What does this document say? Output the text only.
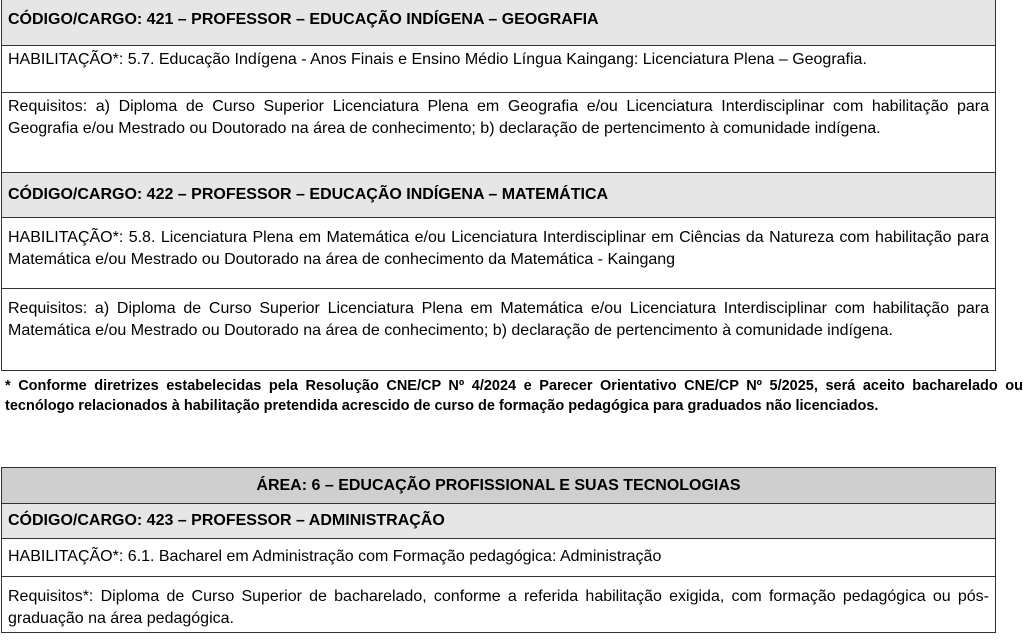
CÓDIGO/CARGO: 421 – PROFESSOR – EDUCAÇÃO INDÍGENA – GEOGRAFIA
HABILITAÇÃO*: 5.7. Educação Indígena - Anos Finais e Ensino Médio Língua Kaingang: Licenciatura Plena – Geografia.
Requisitos: a) Diploma de Curso Superior Licenciatura Plena em Geografia e/ou Licenciatura Interdisciplinar com habilitação para Geografia e/ou Mestrado ou Doutorado na área de conhecimento; b) declaração de pertencimento à comunidade indígena.
CÓDIGO/CARGO: 422 – PROFESSOR – EDUCAÇÃO INDÍGENA – MATEMÁTICA
HABILITAÇÃO*: 5.8. Licenciatura Plena em Matemática e/ou Licenciatura Interdisciplinar em Ciências da Natureza com habilitação para Matemática e/ou Mestrado ou Doutorado na área de conhecimento da Matemática - Kaingang
Requisitos: a) Diploma de Curso Superior Licenciatura Plena em Matemática e/ou Licenciatura Interdisciplinar com habilitação para Matemática e/ou Mestrado ou Doutorado na área de conhecimento; b) declaração de pertencimento à comunidade indígena.
* Conforme diretrizes estabelecidas pela Resolução CNE/CP Nº 4/2024 e Parecer Orientativo CNE/CP Nº 5/2025, será aceito bacharelado ou tecnólogo relacionados à habilitação pretendida acrescido de curso de formação pedagógica para graduados não licenciados.
ÁREA: 6 – EDUCAÇÃO PROFISSIONAL E SUAS TECNOLOGIAS
CÓDIGO/CARGO: 423 – PROFESSOR – ADMINISTRAÇÃO
HABILITAÇÃO*: 6.1. Bacharel em Administração com Formação pedagógica: Administração
Requisitos*: Diploma de Curso Superior de bacharelado, conforme a referida habilitação exigida, com formação pedagógica ou pós-graduação na área pedagógica.
